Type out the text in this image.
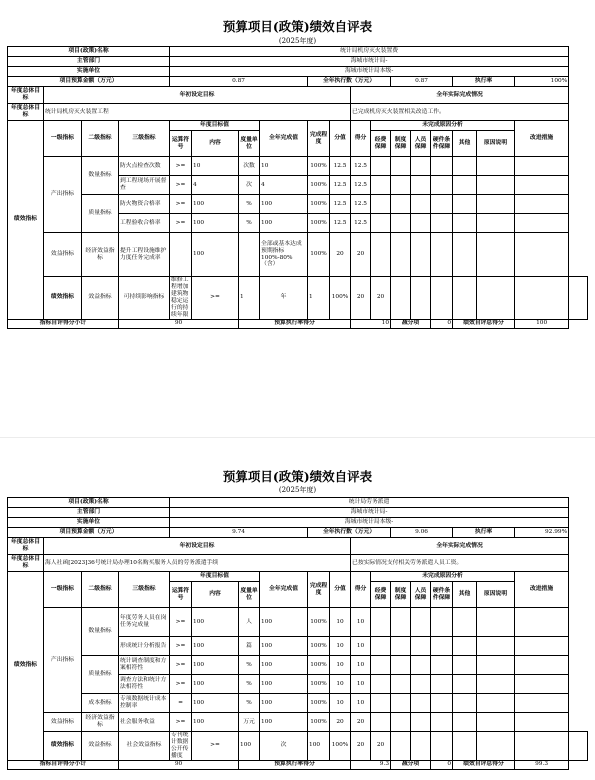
预算项目(政策)绩效自评表
(2025年度)
项目(政策)名称				统计局机房灭火装置费														
主管部门				海城市统计局-														
实施单位				海城市统计局本级-														
项目预算金额（万元）				0.87				全年执行数（万元）				0.87			执行率		100%	
年度总体目标	年初设定目标									全年实际完成情况								
年度总体目标	统计局机房灭火装置工程									已完成机房灭火装置相关改造工作。								
绩效指标	一级指标	二级指标	三级指标	年度目标值			全年完成值	完成程度	分值	得分	未完成原因分析						改进措施	
				运算符号	内容	度量单位					经费保障	制度保障	人员保障	硬件条件保障	其他	原因说明		
	产出指标	数量指标	防火点检查次数	>=	10	次数	10	100%	12.5	12.5								
			到工程现场开展督查	>=	4	次	4	100%	12.5	12.5								
		质量指标	防火物资合格率	>=	100	%	100	100%	12.5	12.5								
			工程验收合格率	>=	100	%	100	100%	12.5	12.5								
	效益指标	经济效益指标	提升工程设施维护力度任务完成率		100		全部或基本达成预期指标100%-80%（含）	100%	20	20								
	绩效指标	效益指标	可持续影响指标	维修工程增加建筑物稳定运行的持续年限	>=	1	年	1	100%	20	20							
指标自评得分小计			90			预算执行率得分				10		减分项		0	绩效自评总得分		100	
预算项目(政策)绩效自评表
(2025年度)
项目(政策)名称				统计局劳务派遣														
主管部门				海城市统计局-														
实施单位				海城市统计局本级-														
项目预算金额（万元）				9.74				全年执行数（万元）				9.06			执行率		92.99%	
年度总体目标	年初设定目标									全年实际完成情况								
年度总体目标	海人社函[2023]36号统计局办理10名购买服务人员的劳务派遣手续									已按实际情况支付相关劳务派遣人员工资。								
绩效指标	一级指标	二级指标	三级指标	年度目标值			全年完成值	完成程度	分值	得分	未完成原因分析						改进措施	
				运算符号	内容	度量单位					经费保障	制度保障	人员保障	硬件条件保障	其他	原因说明		
	产出指标	数量指标	年度劳务人员在岗任务完成量	>=	100	人	100	100%	10	10								
			形成统计分析报告	>=	100	篇	100	100%	10	10								
		质量指标	统计调查制度和方案相符性	>=	100	%	100	100%	10	10								
			调查方法和统计方法相符性	>=	100	%	100	100%	10	10								
		成本指标	专项数据统计成本控制率	=	100	%	100	100%	10	10								
	效益指标	经济效益指标	社会服务收益	>=	100	万元	100	100%	20	20								
	绩效指标	效益指标	社会效益指标	专刊统计数据公开传播度	>=	100	次	100	100%	20	20							
指标自评得分小计			90			预算执行率得分				9.3		减分项		0	绩效自评总得分		99.3	
